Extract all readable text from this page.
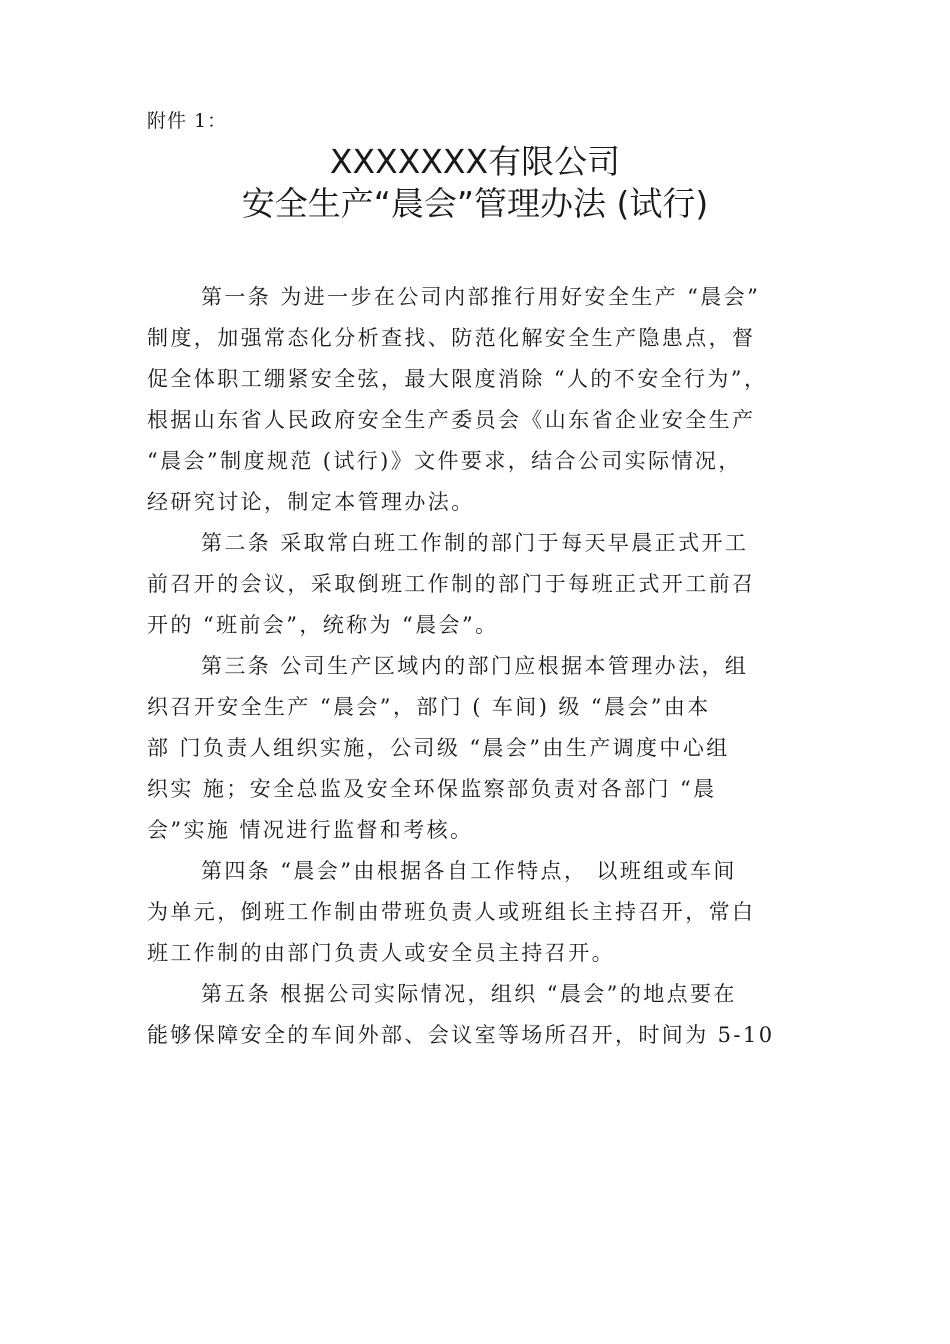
附件 1：
XXXXXXX有限公司
安全生产“晨会”管理办法 (试行)
第一条 为进一步在公司内部推行用好安全生产 “晨会”
制度，加强常态化分析查找、防范化解安全生产隐患点，督
促全体职工绷紧安全弦，最大限度消除 “人的不安全行为”，
根据山东省人民政府安全生产委员会《山东省企业安全生产
“晨会”制度规范 (试行)》文件要求，结合公司实际情况，
经研究讨论，制定本管理办法。
第二条 采取常白班工作制的部门于每天早晨正式开工
前召开的会议，采取倒班工作制的部门于每班正式开工前召
开的 “班前会”，统称为 “晨会”。
第三条 公司生产区域内的部门应根据本管理办法，组
织召开安全生产 “晨会”，部门 ( 车间) 级 “晨会”由本
部 门负责人组织实施，公司级 “晨会”由生产调度中心组
织实 施；安全总监及安全环保监察部负责对各部门 “晨
会”实施 情况进行监督和考核。
第四条 “晨会”由根据各自工作特点， 以班组或车间
为单元，倒班工作制由带班负责人或班组长主持召开，常白
班工作制的由部门负责人或安全员主持召开。
第五条 根据公司实际情况，组织 “晨会”的地点要在
能够保障安全的车间外部、会议室等场所召开，时间为 5-10
